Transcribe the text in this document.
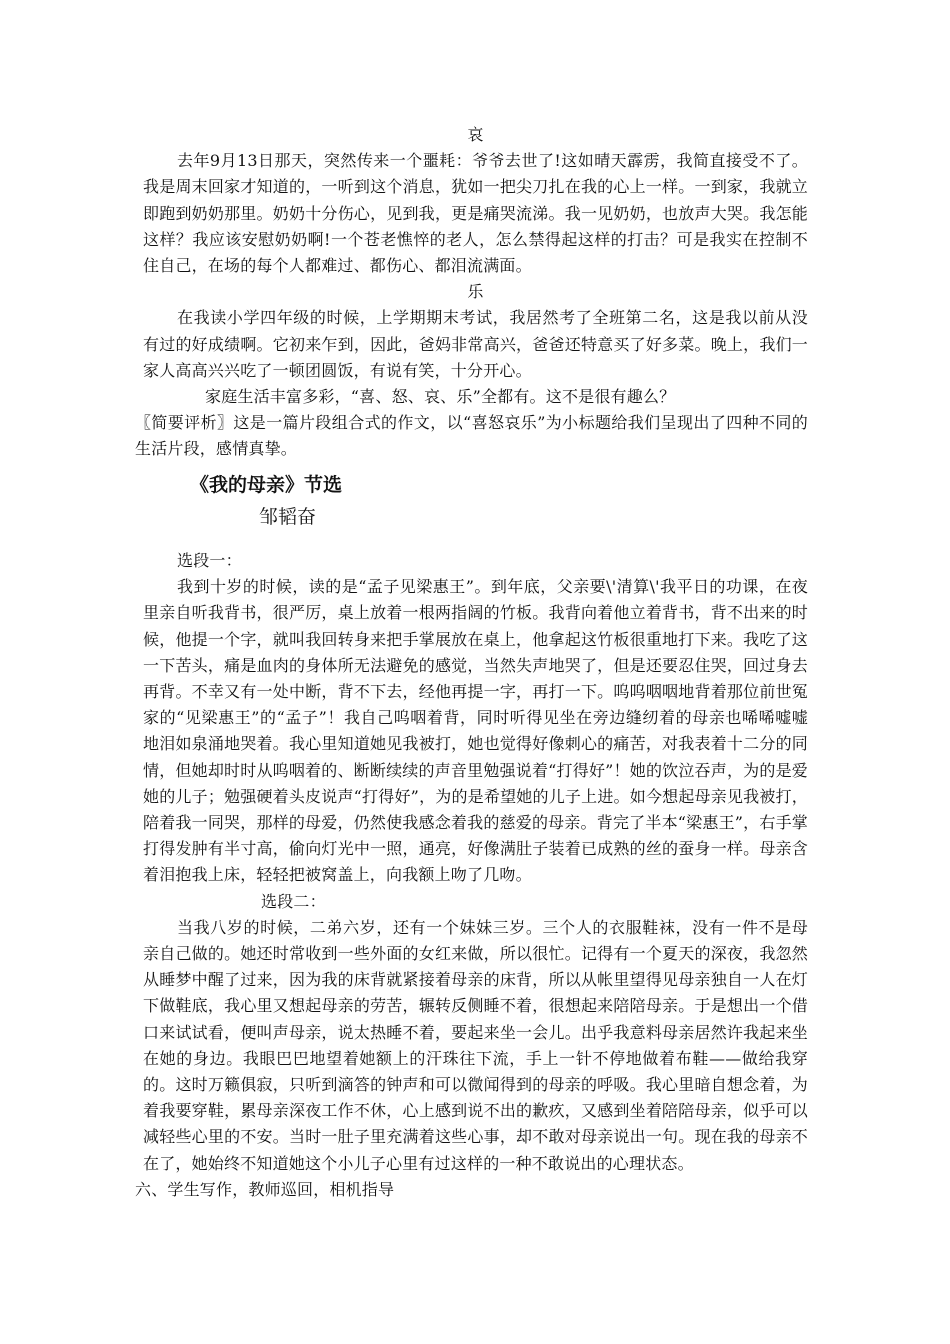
哀

去年9月13日那天，突然传来一个噩耗：爷爷去世了!这如晴天霹雳，我简直接受不了。我是周末回家才知道的，一听到这个消息，犹如一把尖刀扎在我的心上一样。一到家，我就立即跑到奶奶那里。奶奶十分伤心，见到我，更是痛哭流涕。我一见奶奶，也放声大哭。我怎能这样？我应该安慰奶奶啊!一个苍老憔悴的老人，怎么禁得起这样的打击？可是我实在控制不住自己，在场的每个人都难过、都伤心、都泪流满面。

乐

在我读小学四年级的时候，上学期期末考试，我居然考了全班第二名，这是我以前从没有过的好成绩啊。它初来乍到，因此，爸妈非常高兴，爸爸还特意买了好多菜。晚上，我们一家人高高兴兴吃了一顿团圆饭，有说有笑，十分开心。

家庭生活丰富多彩，“喜、怒、哀、乐”全都有。这不是很有趣么？

〖简要评析〗这是一篇片段组合式的作文，以“喜怒哀乐”为小标题给我们呈现出了四种不同的生活片段，感情真挚。

《我的母亲》节选

邹韬奋

选段一：

我到十岁的时候，读的是“孟子见梁惠王”。到年底，父亲要\'清算\'我平日的功课，在夜里亲自听我背书，很严厉，桌上放着一根两指阔的竹板。我背向着他立着背书，背不出来的时候，他提一个字，就叫我回转身来把手掌展放在桌上，他拿起这竹板很重地打下来。我吃了这一下苦头，痛是血肉的身体所无法避免的感觉，当然失声地哭了，但是还要忍住哭，回过身去再背。不幸又有一处中断，背不下去，经他再提一字，再打一下。呜呜咽咽地背着那位前世冤家的“见梁惠王”的“孟子”！我自己呜咽着背，同时听得见坐在旁边缝纫着的母亲也唏唏嘘嘘地泪如泉涌地哭着。我心里知道她见我被打，她也觉得好像刺心的痛苦，对我表着十二分的同情，但她却时时从呜咽着的、断断续续的声音里勉强说着“打得好”！她的饮泣吞声，为的是爱她的儿子；勉强硬着头皮说声“打得好”，为的是希望她的儿子上进。如今想起母亲见我被打，陪着我一同哭，那样的母爱，仍然使我感念着我的慈爱的母亲。背完了半本“梁惠王”，右手掌打得发肿有半寸高，偷向灯光中一照，通亮，好像满肚子装着已成熟的丝的蚕身一样。母亲含着泪抱我上床，轻轻把被窝盖上，向我额上吻了几吻。

选段二：

当我八岁的时候，二弟六岁，还有一个妹妹三岁。三个人的衣服鞋袜，没有一件不是母亲自己做的。她还时常收到一些外面的女红来做，所以很忙。记得有一个夏天的深夜，我忽然从睡梦中醒了过来，因为我的床背就紧接着母亲的床背，所以从帐里望得见母亲独自一人在灯下做鞋底，我心里又想起母亲的劳苦，辗转反侧睡不着，很想起来陪陪母亲。于是想出一个借口来试试看，便叫声母亲，说太热睡不着，要起来坐一会儿。出乎我意料母亲居然许我起来坐在她的身边。我眼巴巴地望着她额上的汗珠往下流，手上一针不停地做着布鞋——做给我穿的。这时万籁俱寂，只听到滴答的钟声和可以微闻得到的母亲的呼吸。我心里暗自想念着，为着我要穿鞋，累母亲深夜工作不休，心上感到说不出的歉疚，又感到坐着陪陪母亲，似乎可以减轻些心里的不安。当时一肚子里充满着这些心事，却不敢对母亲说出一句。现在我的母亲不在了，她始终不知道她这个小儿子心里有过这样的一种不敢说出的心理状态。

六、学生写作，教师巡回，相机指导
